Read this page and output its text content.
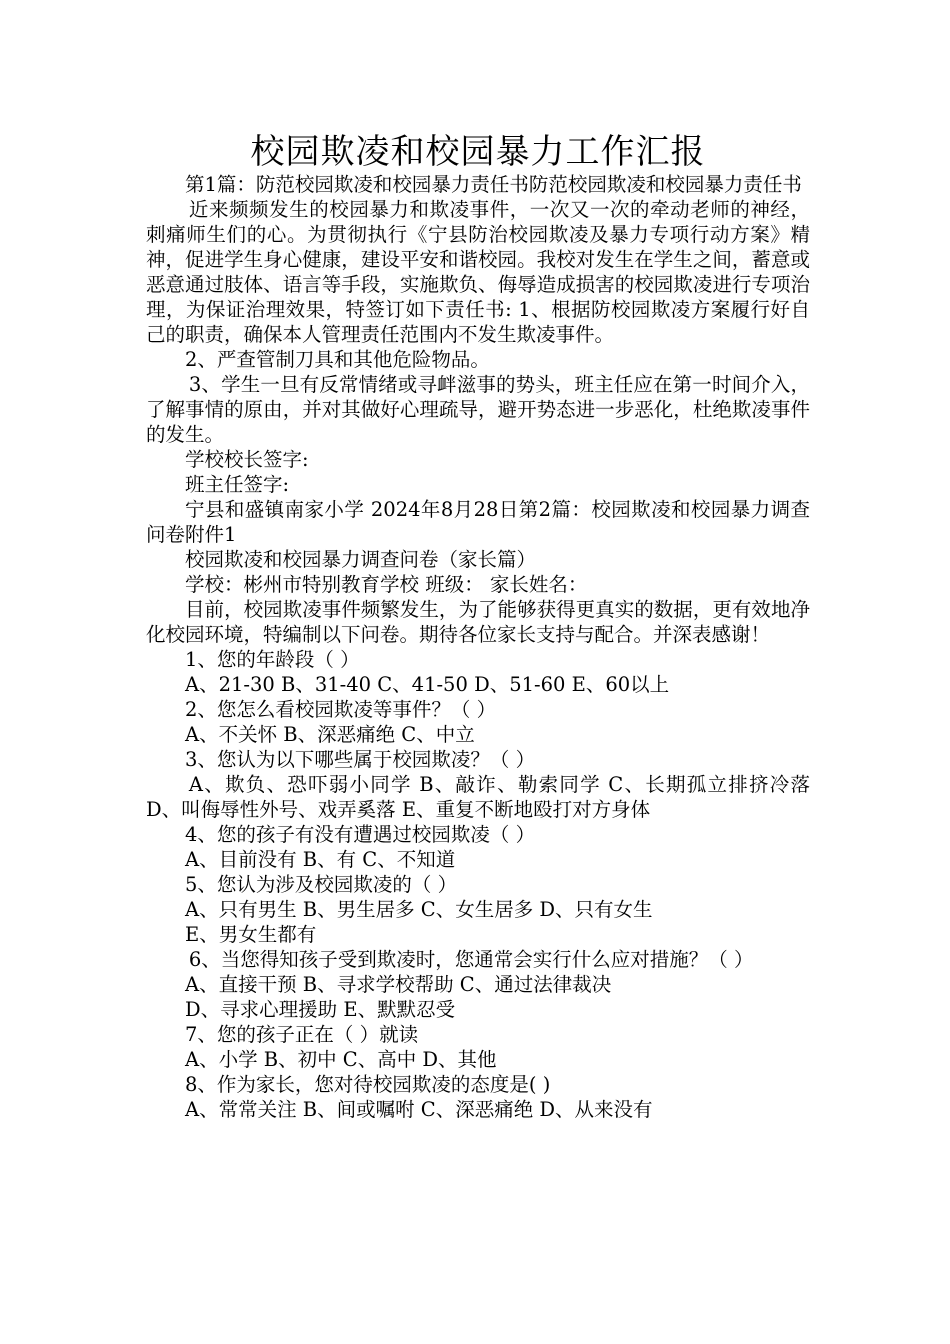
校园欺凌和校园暴力工作汇报

第1篇：防范校园欺凌和校园暴力责任书防范校园欺凌和校园暴力责任书

近来频频发生的校园暴力和欺凌事件，一次又一次的牵动老师的神经，刺痛师生们的心。为贯彻执行《宁县防治校园欺凌及暴力专项行动方案》精神，促进学生身心健康，建设平安和谐校园。我校对发生在学生之间，蓄意或恶意通过肢体、语言等手段，实施欺负、侮辱造成损害的校园欺凌进行专项治理，为保证治理效果，特签订如下责任书: 1、根据防校园欺凌方案履行好自己的职责，确保本人管理责任范围内不发生欺凌事件。

2、严查管制刀具和其他危险物品。

3、学生一旦有反常情绪或寻衅滋事的势头，班主任应在第一时间介入，了解事情的原由，并对其做好心理疏导，避开势态进一步恶化，杜绝欺凌事件的发生。

学校校长签字:

班主任签字:

宁县和盛镇南家小学 2024年8月28日第2篇：校园欺凌和校园暴力调查问卷附件1

校园欺凌和校园暴力调查问卷（家长篇）

学校：彬州市特别教育学校 班级： 家长姓名：

目前，校园欺凌事件频繁发生，为了能够获得更真实的数据，更有效地净化校园环境，特编制以下问卷。期待各位家长支持与配合。并深表感谢！

1、您的年龄段（ ）

A、21-30 B、31-40 C、41-50 D、51-60 E、60以上

2、您怎么看校园欺凌等事件？（ ）

A、不关怀 B、深恶痛绝 C、中立

3、您认为以下哪些属于校园欺凌？（ ）

A、欺负、恐吓弱小同学 B、敲诈、勒索同学 C、长期孤立排挤冷落 D、叫侮辱性外号、戏弄奚落 E、重复不断地殴打对方身体

4、您的孩子有没有遭遇过校园欺凌（ ）

A、目前没有 B、有 C、不知道

5、您认为涉及校园欺凌的（ ）

A、只有男生 B、男生居多 C、女生居多 D、只有女生

E、男女生都有

6、当您得知孩子受到欺凌时，您通常会实行什么应对措施？（ ）

A、直接干预 B、寻求学校帮助 C、通过法律裁决

D、寻求心理援助 E、默默忍受

7、您的孩子正在（ ）就读

A、小学 B、初中 C、高中 D、其他

8、作为家长，您对待校园欺凌的态度是( )

A、常常关注 B、间或嘱咐 C、深恶痛绝 D、从来没有
